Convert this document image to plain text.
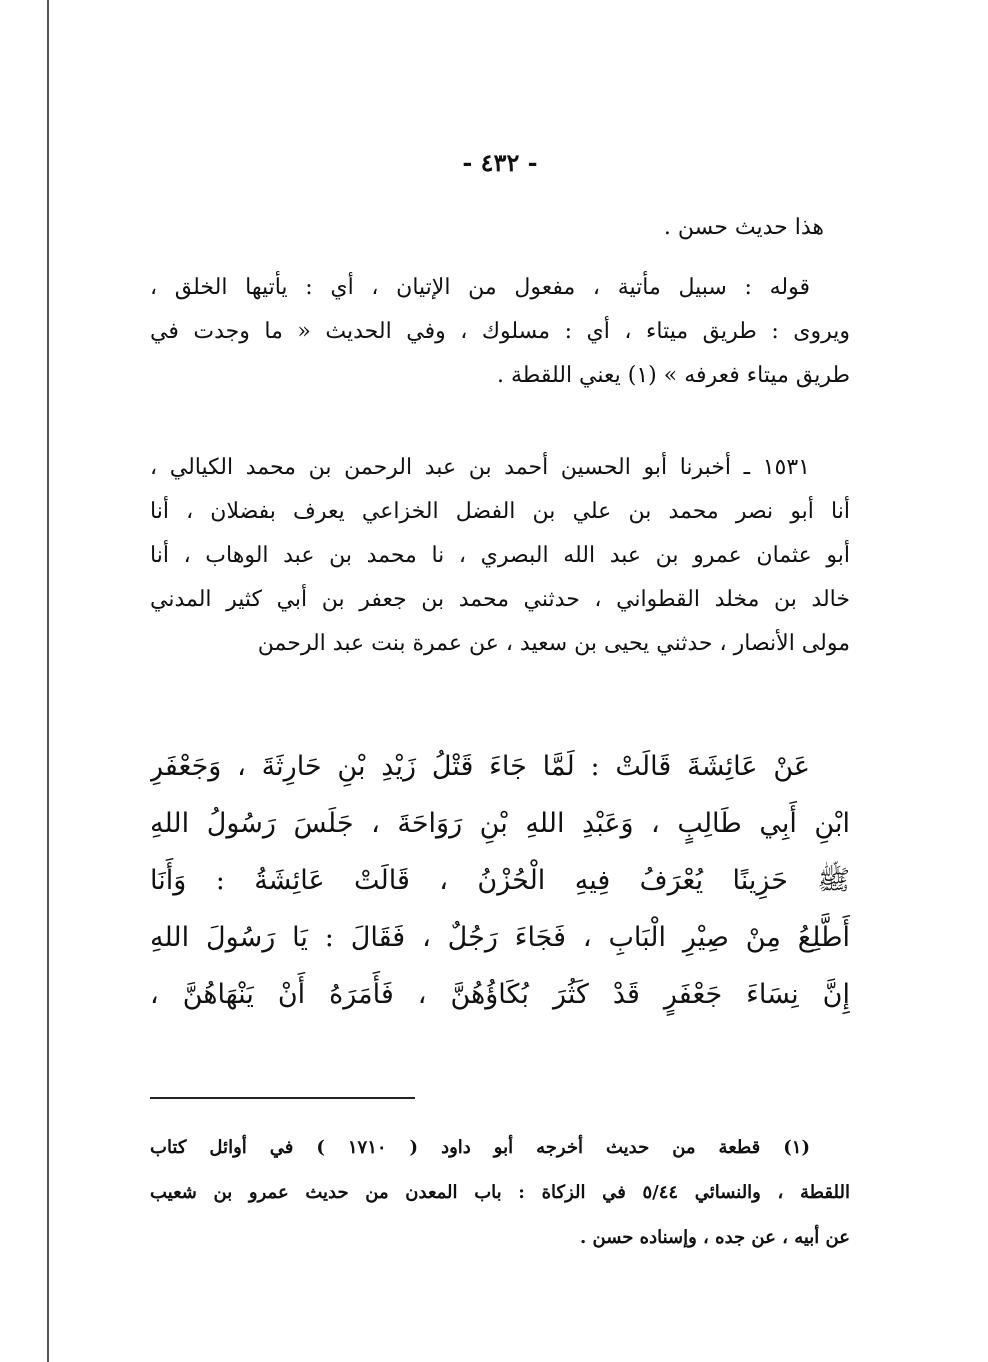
- ٤٣٢ -
هذا حديث حسن .
قوله : سبيل مأتية ، مفعول من الإتيان ، أي : يأتيها الخلق ،
ويروى : طريق ميتاء ، أي : مسلوك ، وفي الحديث « ما وجدت في
طريق ميتاء فعرفه » (١) يعني اللقطة .
١٥٣١ ـ أخبرنا أبو الحسين أحمد بن عبد الرحمن بن محمد الكيالي ،
أنا أبو نصر محمد بن علي بن الفضل الخزاعي يعرف بفضلان ، أنا
أبو عثمان عمرو بن عبد الله البصري ، نا محمد بن عبد الوهاب ، أنا
خالد بن مخلد القطواني ، حدثني محمد بن جعفر بن أبي كثير المدني
مولى الأنصار ، حدثني يحيى بن سعيد ، عن عمرة بنت عبد الرحمن
عَنْ عَائِشَةَ قَالَتْ : لَمَّا جَاءَ قَتْلُ زَيْدِ بْنِ حَارِثَةَ ، وَجَعْفَرِ
ابْنِ أَبِي طَالِبٍ ، وَعَبْدِ اللهِ بْنِ رَوَاحَةَ ، جَلَسَ رَسُولُ اللهِ
ﷺ حَزِينًا يُعْرَفُ فِيهِ الْحُزْنُ ، قَالَتْ عَائِشَةُ : وَأَنَا
أَطَّلِعُ مِنْ صِيْرِ الْبَابِ ، فَجَاءَ رَجُلٌ ، فَقَالَ : يَا رَسُولَ اللهِ
إِنَّ نِسَاءَ جَعْفَرٍ قَدْ كَثُرَ بُكَاؤُهُنَّ ، فَأَمَرَهُ أَنْ يَنْهَاهُنَّ ،
(١) قطعة من حديث أخرجه أبو داود ( ١٧١٠ ) في أوائل كتاب
اللقطة ، والنسائي ٥/٤٤ في الزكاة : باب المعدن من حديث عمرو بن شعيب
عن أبيه ، عن جده ، وإسناده حسن .
